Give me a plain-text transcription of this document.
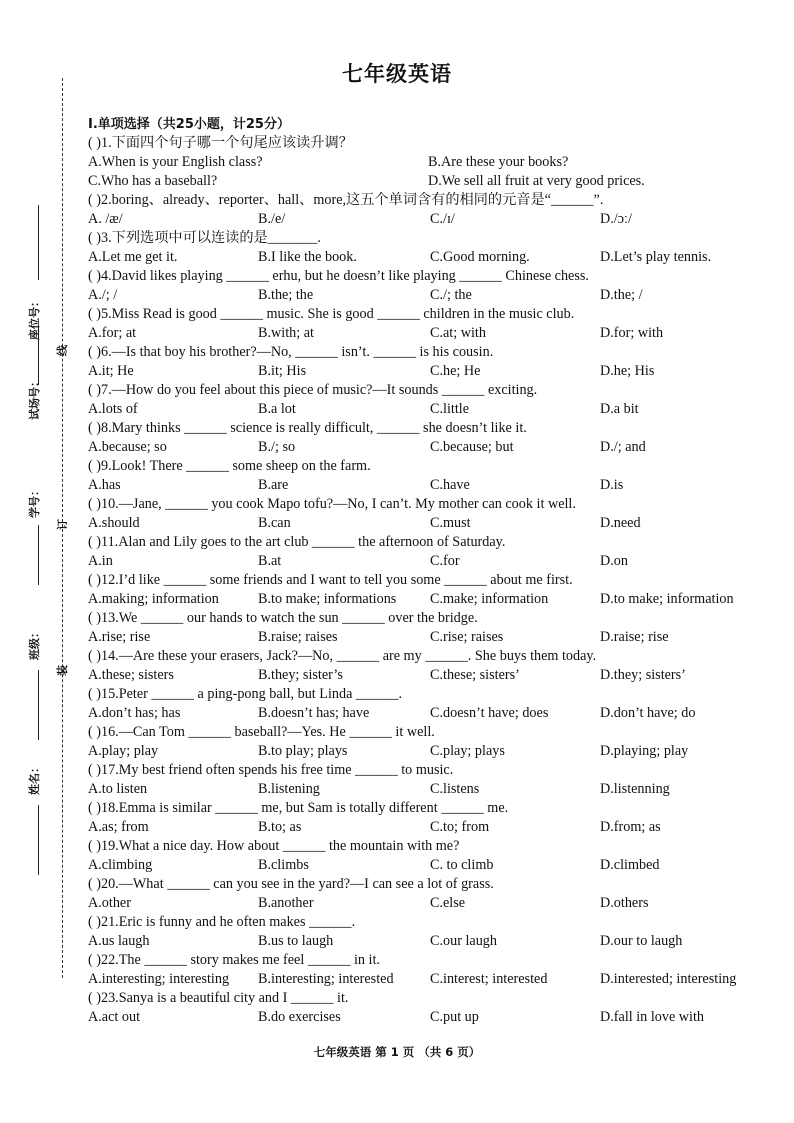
七年级英语
座位号：
试场号：
学号：
班级：
姓名：
线
订
装
I.单项选择（共25小题，计25分）
( )1.下面四个句子哪一个句尾应该读升调？
A.When is your English class?	B.Are these your books?
C.Who has a baseball?	D.We sell all fruit at very good prices.
( )2.boring、already、reporter、hall、more,这五个单词含有的相同的元音是“______”.
A. /æ/	B./e/	C./ɪ/	D./ɔː/
( )3.下列选项中可以连读的是_______.
A.Let me get it.	B.I like the book.	C.Good morning.	D.Let’s play tennis.
( )4.David likes playing ______ erhu, but he doesn’t like playing ______ Chinese chess.
A./; /	B.the; the	C./; the	D.the; /
( )5.Miss Read is good ______ music. She is good ______ children in the music club.
A.for; at	B.with; at	C.at; with	D.for; with
( )6.—Is that boy his brother?—No, ______ isn’t. ______ is his cousin.
A.it; He	B.it; His	C.he; He	D.he; His
( )7.—How do you feel about this piece of music?—It sounds ______ exciting.
A.lots of	B.a lot	C.little	D.a bit
( )8.Mary thinks ______ science is really difficult, ______ she doesn’t like it.
A.because; so	B./; so	C.because; but	D./; and
( )9.Look! There ______ some sheep on the farm.
A.has	B.are	C.have	D.is
( )10.—Jane, ______ you cook Mapo tofu?—No, I can’t. My mother can cook it well.
A.should	B.can	C.must	D.need
( )11.Alan and Lily goes to the art club ______ the afternoon of Saturday.
A.in	B.at	C.for	D.on
( )12.I’d like ______ some friends and I want to tell you some ______ about me first.
A.making; information	B.to make; informations C.make; information	D.to make; information
( )13.We ______ our hands to watch the sun ______ over the bridge.
A.rise; rise	B.raise; raises	C.rise; raises	D.raise; rise
( )14.—Are these your erasers, Jack?—No, ______ are my ______. She buys them today.
A.these; sisters	B.they; sister’s	C.these; sisters’	D.they; sisters’
( )15.Peter ______ a ping-pong ball, but Linda ______.
A.don’t has; has	B.doesn’t has; have	C.doesn’t have; does	D.don’t have; do
( )16.—Can Tom ______ baseball?—Yes. He ______ it well.
A.play; play	B.to play; plays	C.play; plays	D.playing; play
( )17.My best friend often spends his free time ______ to music.
A.to listen	B.listening	C.listens	D.listenning
( )18.Emma is similar ______ me, but Sam is totally different ______ me.
A.as; from	B.to; as	C.to; from	D.from; as
( )19.What a nice day. How about ______ the mountain with me?
A.climbing	B.climbs	C. to climb	D.climbed
( )20.—What ______ can you see in the yard?—I can see a lot of grass.
A.other	B.another	C.else	D.others
( )21.Eric is funny and he often makes ______.
A.us laugh	B.us to laugh	C.our laugh	D.our to laugh
( )22.The ______ story makes me feel ______ in it.
A.interesting; interesting B.interesting; interested	C.interest; interested	D.interested; interesting
( )23.Sanya is a beautiful city and I ______ it.
A.act out	B.do exercises	C.put up	D.fall in love with
七年级英语 第 1 页 （共 6 页）
